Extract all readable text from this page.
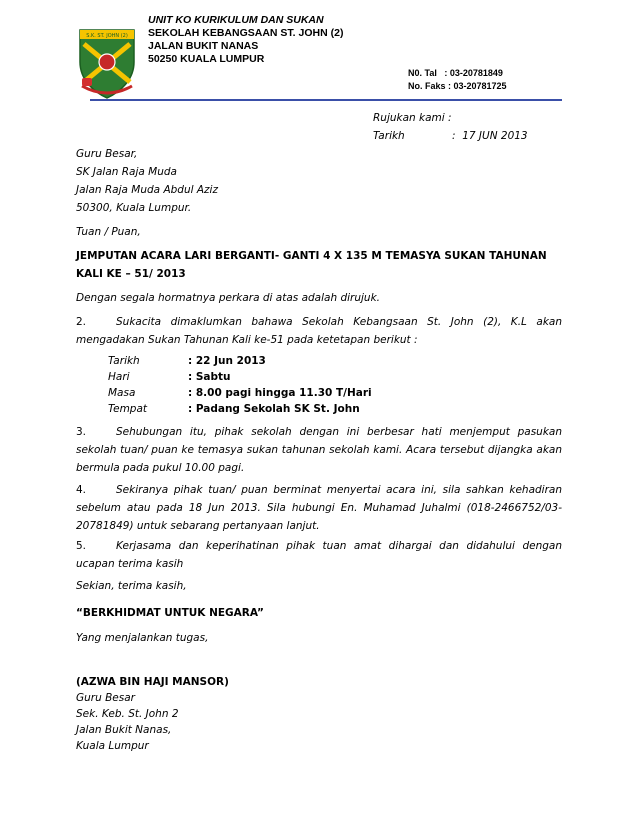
S.K. ST. JOHN (2)
UNIT KO KURIKULUM DAN SUKAN
SEKOLAH KEBANGSAAN ST. JOHN (2)
JALAN BUKIT NANAS
50250 KUALA LUMPUR
N0. Tal   : 03-20781849
No. Faks : 03-20781725
Rujukan kami :
Tarikh	:  17 JUN 2013
Guru Besar,
SK Jalan Raja Muda
Jalan Raja Muda Abdul Aziz
50300, Kuala Lumpur.
Tuan / Puan,
JEMPUTAN ACARA LARI BERGANTI- GANTI 4 X 135 M TEMASYA SUKAN TAHUNAN
KALI KE – 51/ 2013
Dengan segala hormatnya perkara di atas adalah dirujuk.
2.	Sukacita dimaklumkan bahawa Sekolah Kebangsaan St. John (2), K.L akan mengadakan Sukan Tahunan Kali ke-51 pada ketetapan berikut :
Tarikh	: 22 Jun 2013
Hari	: Sabtu
Masa	: 8.00 pagi hingga 11.30 T/Hari
Tempat	: Padang Sekolah SK St. John
3.	Sehubungan itu, pihak sekolah dengan ini berbesar hati menjemput pasukan sekolah tuan/ puan ke temasya sukan tahunan sekolah kami. Acara tersebut dijangka akan bermula pada pukul 10.00 pagi.
4.	Sekiranya pihak tuan/ puan berminat menyertai acara ini, sila sahkan kehadiran sebelum atau pada 18 Jun 2013. Sila hubungi En. Muhamad Juhalmi (018-2466752/03-20781849) untuk sebarang pertanyaan lanjut.
5.	Kerjasama dan keperihatinan pihak tuan amat dihargai dan didahului dengan ucapan terima kasih
Sekian, terima kasih,
“BERKHIDMAT UNTUK NEGARA”
Yang menjalankan tugas,
(AZWA BIN HAJI MANSOR)
Guru Besar
Sek. Keb. St. John 2
Jalan Bukit Nanas,
Kuala Lumpur
